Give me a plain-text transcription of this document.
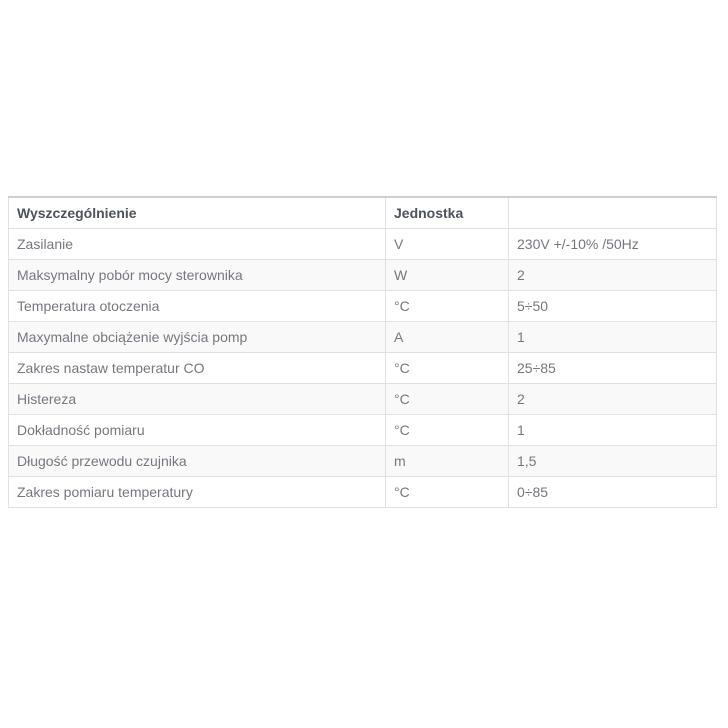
Wyszczególnienie	Jednostka	
Zasilanie	V	230V +/-10% /50Hz
Maksymalny pobór mocy sterownika	W	2
Temperatura otoczenia	°C	5÷50
Maxymalne obciążenie wyjścia pomp	A	1
Zakres nastaw temperatur CO	°C	25÷85
Histereza	°C	2
Dokładność pomiaru	°C	1
Długość przewodu czujnika	m	1,5
Zakres pomiaru temperatury	°C	0÷85
